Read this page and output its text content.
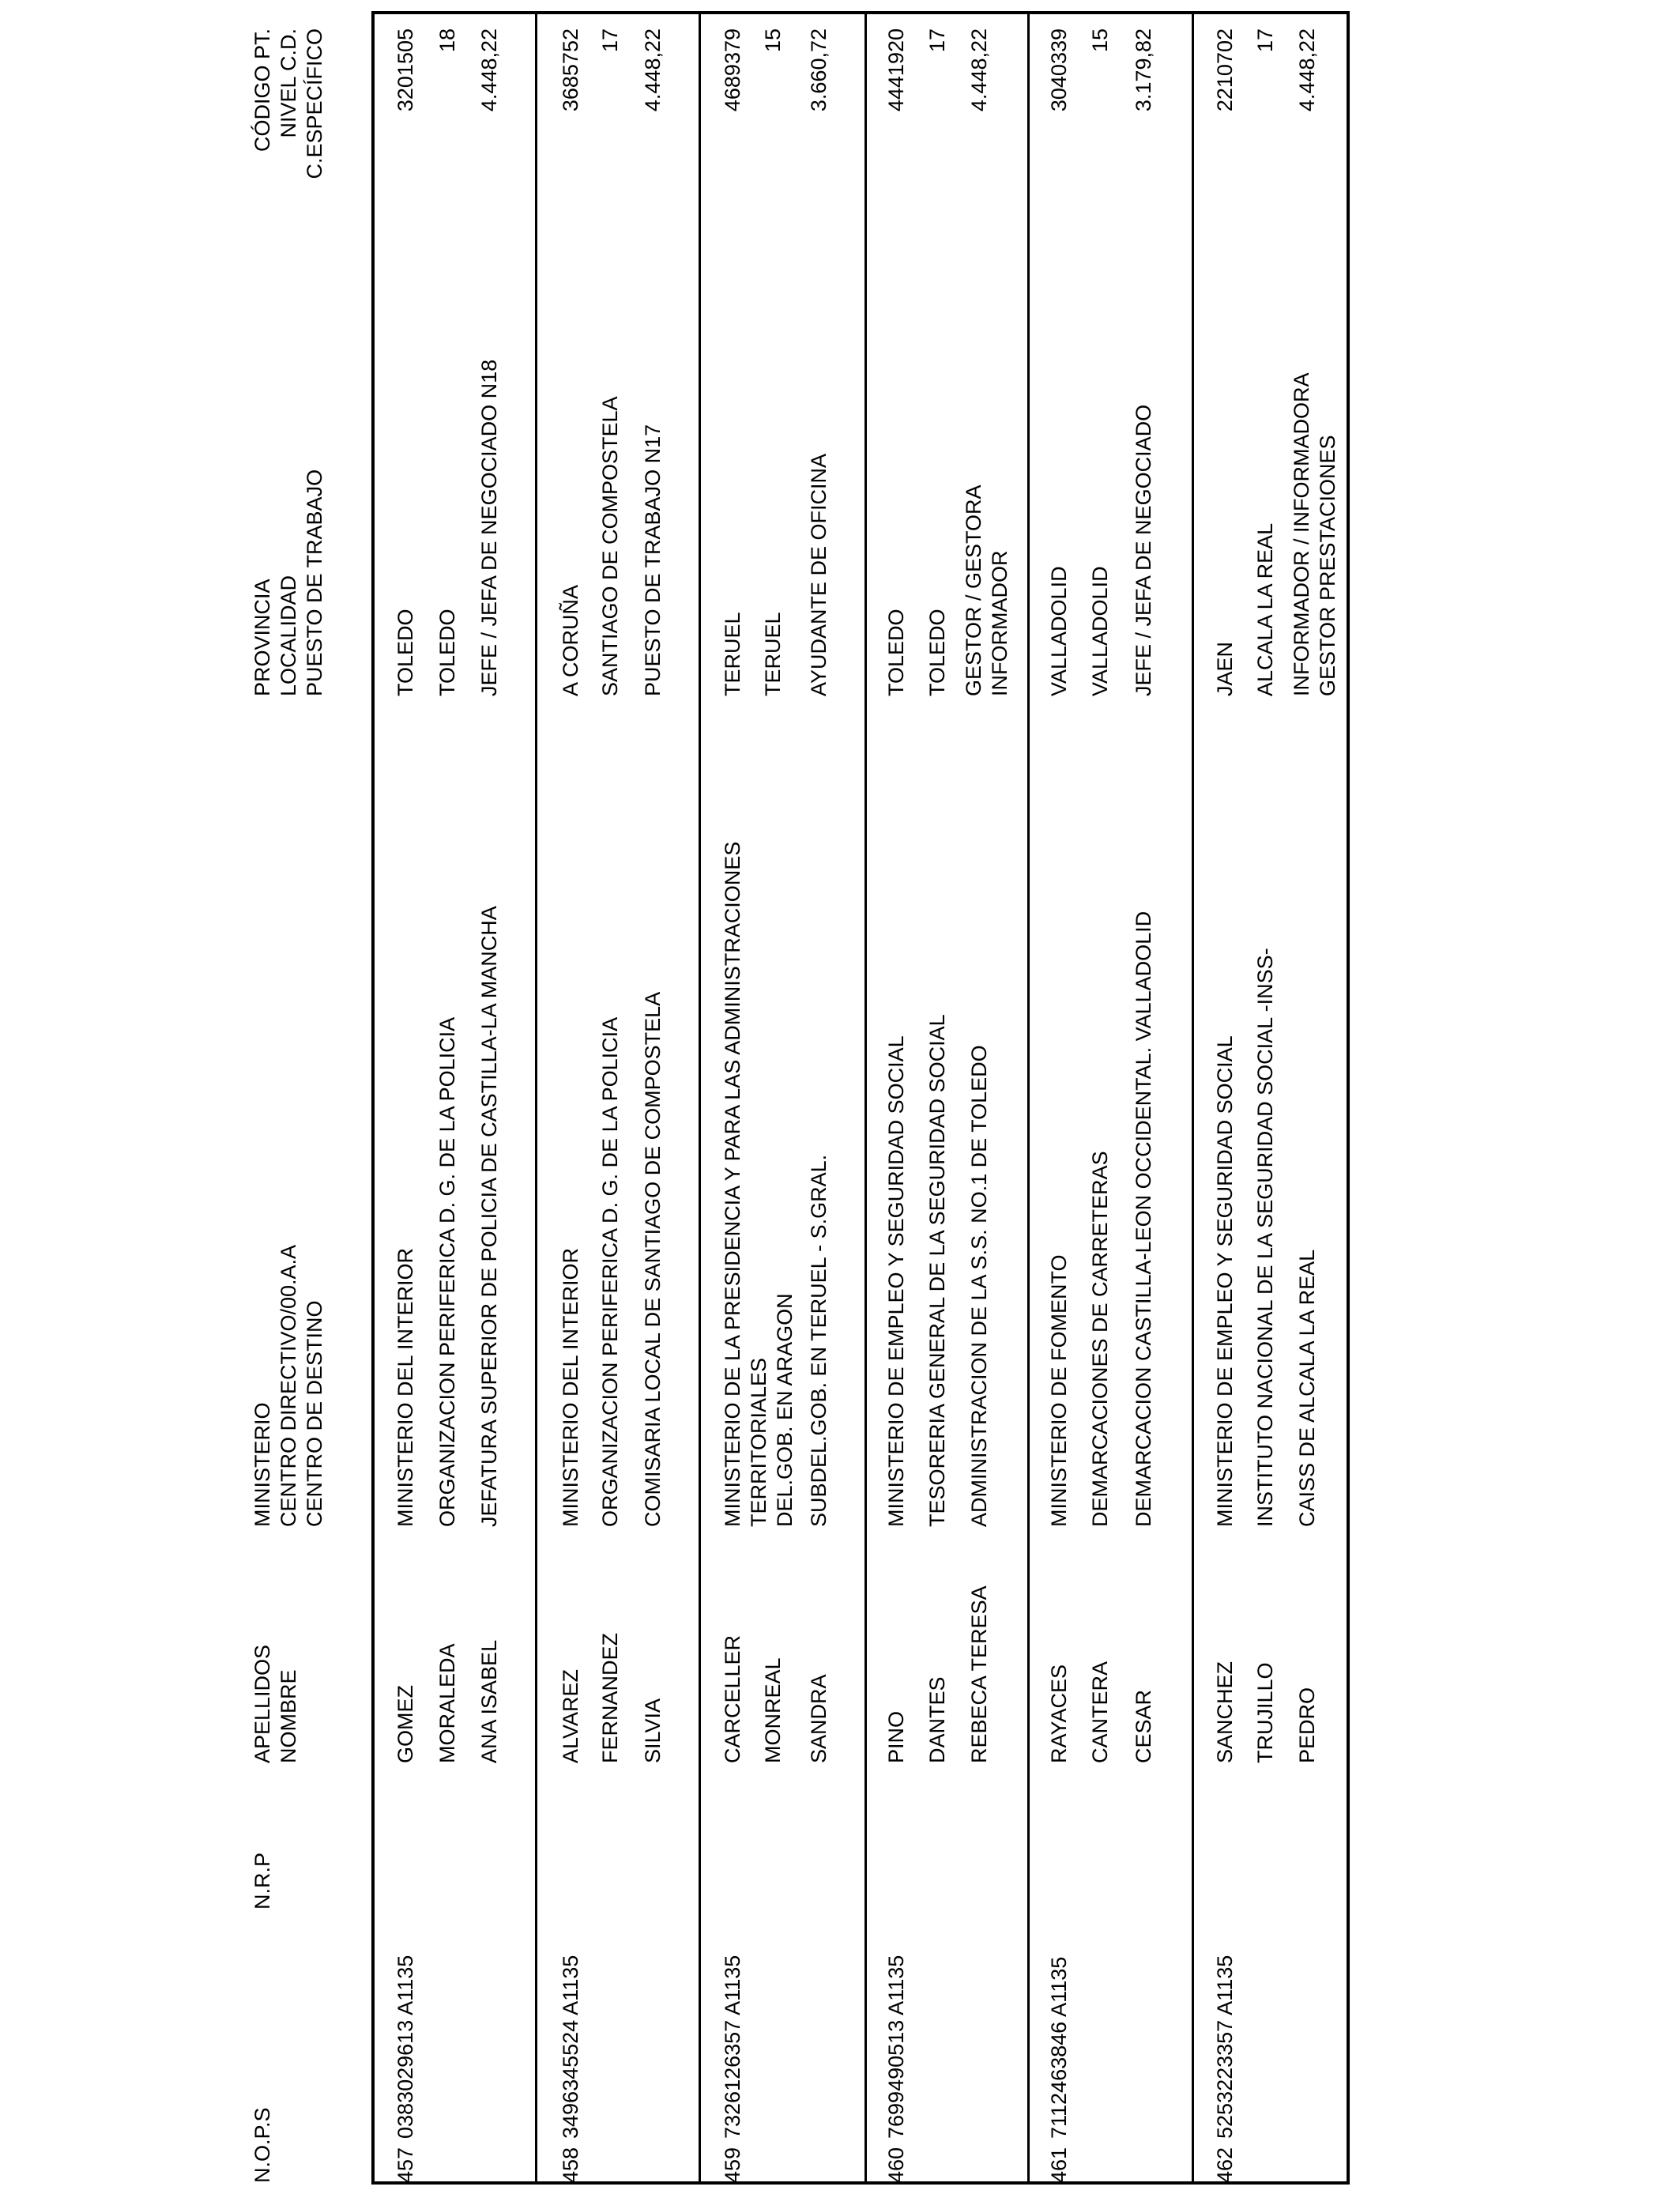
N.O.P.S
N.R.P
APELLIDOS NOMBRE
MINISTERIO CENTRO DIRECTIVO/00.A.A CENTRO DE DESTINO
PROVINCIA LOCALIDAD PUESTO DE TRABAJO
CÓDIGO PT. NIVEL C.D. C.ESPECÍFICO
457
0383029613 A1135
GOMEZ MORALEDA ANA ISABEL
MINISTERIO DEL INTERIOR ORGANIZACION PERIFERICA D. G. DE LA POLICIA JEFATURA SUPERIOR DE POLICIA DE CASTILLA-LA MANCHA
TOLEDO TOLEDO JEFE / JEFA DE NEGOCIADO N18
3201505 18 4.448,22
458
3496345524 A1135
ALVAREZ FERNANDEZ SILVIA
MINISTERIO DEL INTERIOR ORGANIZACION PERIFERICA D. G. DE LA POLICIA COMISARIA LOCAL DE SANTIAGO DE COMPOSTELA
A CORUÑA SANTIAGO DE COMPOSTELA PUESTO DE TRABAJO N17
3685752 17 4.448,22
459
7326126357 A1135
CARCELLER MONREAL SANDRA
MINISTERIO DE LA PRESIDENCIA Y PARA LAS ADMINISTRACIONES TERRITORIALES DEL.GOB. EN ARAGON SUBDEL.GOB. EN TERUEL - S.GRAL.
TERUEL TERUEL AYUDANTE DE OFICINA
4689379 15 3.660,72
460
7699490513 A1135
PINO DANTES REBECA TERESA
MINISTERIO DE EMPLEO Y SEGURIDAD SOCIAL TESORERIA GENERAL DE LA SEGURIDAD SOCIAL ADMINISTRACION DE LA S.S. NO.1 DE TOLEDO
TOLEDO TOLEDO GESTOR / GESTORA INFORMADOR
4441920 17 4.448,22
461
7112463846 A1135
RAYACES CANTERA CESAR
MINISTERIO DE FOMENTO DEMARCACIONES DE CARRETERAS DEMARCACION CASTILLA-LEON OCCIDENTAL. VALLADOLID
VALLADOLID VALLADOLID JEFE / JEFA DE NEGOCIADO
3040339 15 3.179,82
462
5253223357 A1135
SANCHEZ TRUJILLO PEDRO
MINISTERIO DE EMPLEO Y SEGURIDAD SOCIAL INSTITUTO NACIONAL DE LA SEGURIDAD SOCIAL -INSS- CAISS DE ALCALA LA REAL
JAEN ALCALA LA REAL INFORMADOR / INFORMADORA GESTOR PRESTACIONES
2210702 17 4.448,22
